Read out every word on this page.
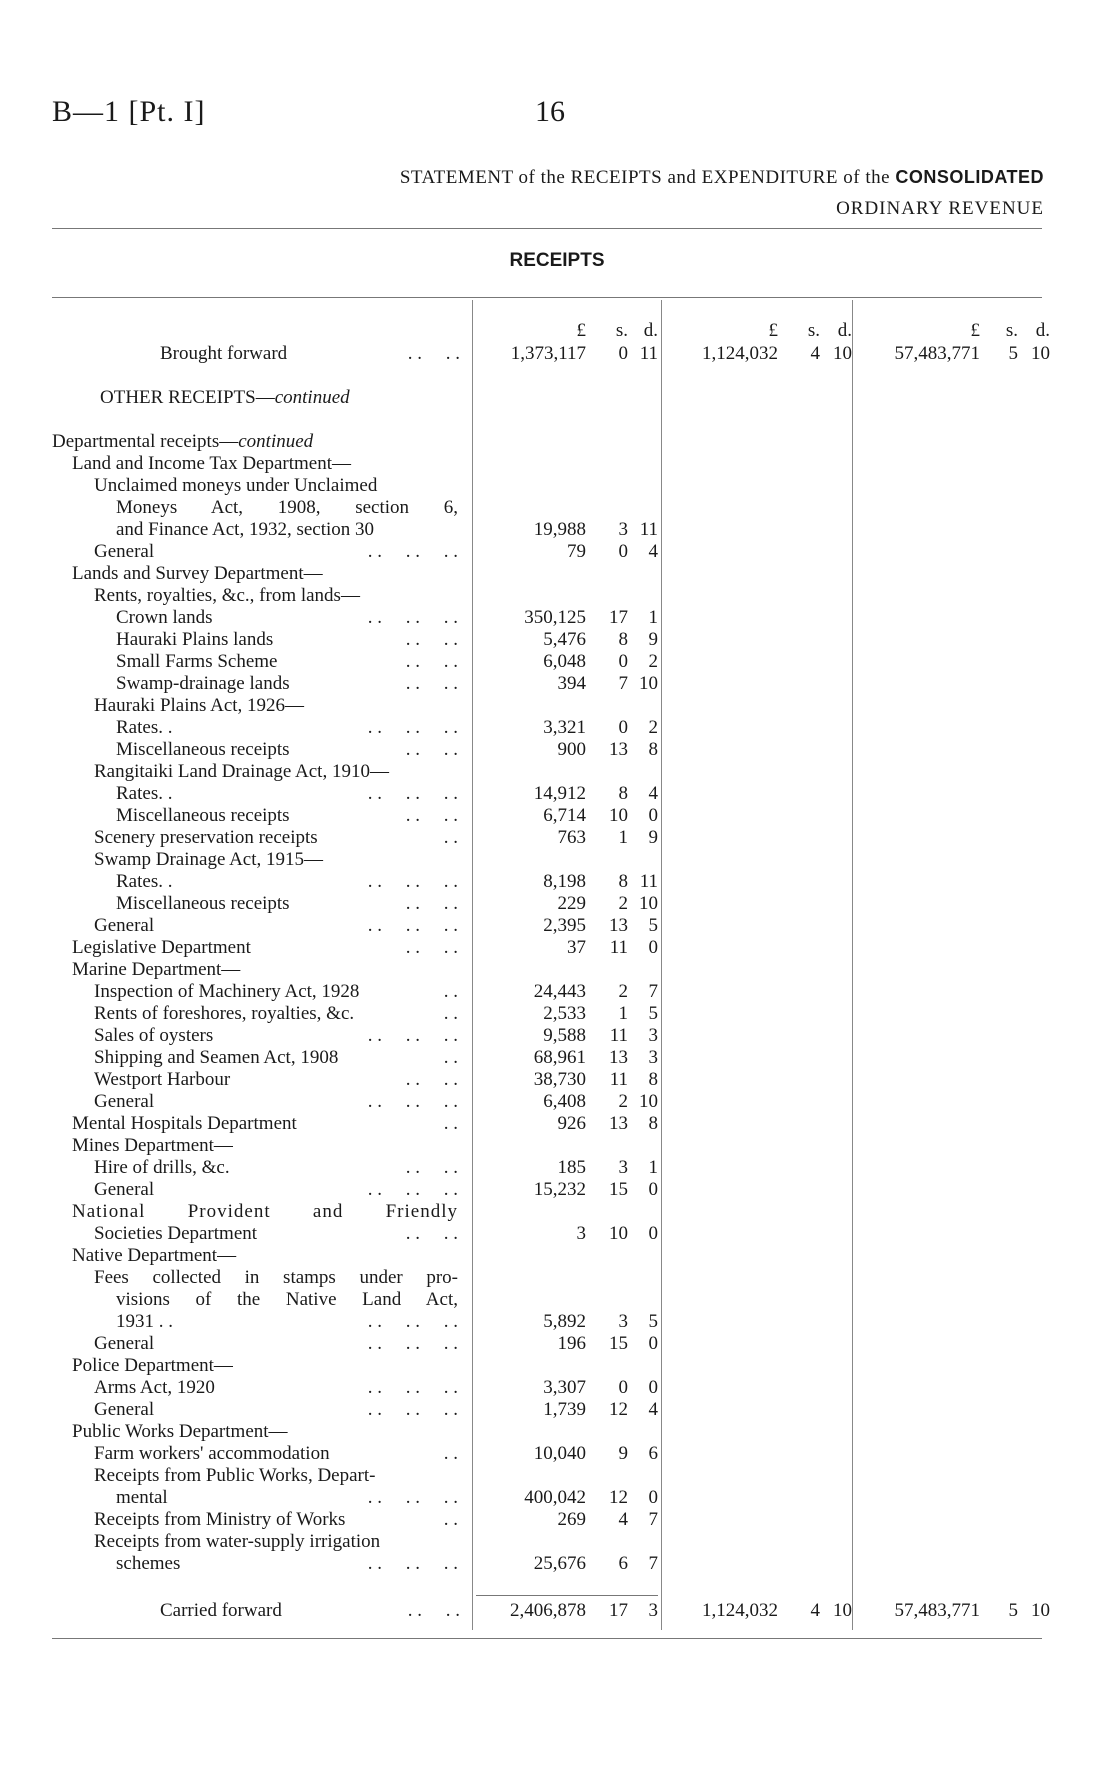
B—1 [Pt. I]	16
STATEMENT of the RECEIPTS and EXPENDITURE of the CONSOLIDATED
ORDINARY REVENUE
RECEIPTS
£	s. d.	£	s. d.	£	s. d.
Brought forward	. .     . .	1,373,117	0 11	1,124,032	4 10	57,483,771	5 10
OTHER RECEIPTS—continued
Departmental receipts—continued
Land and Income Tax Department—
Unclaimed moneys under Unclaimed
Moneys Act, 1908, section 6,
and Finance Act, 1932, section 30	19,988	3 11
General	. .     . .     . .	79	0	4
Lands and Survey Department—
Rents, royalties, &c., from lands—
Crown lands	. .     . .     . .	350,125	17	1
Hauraki Plains lands	. .     . .	5,476	8	9
Small Farms Scheme	. .     . .	6,048	0	2
Swamp-drainage lands	. .     . .	394	7 10
Hauraki Plains Act, 1926—
Rates. .	. .     . .     . .	3,321	0	2
Miscellaneous receipts	. .     . .	900	13	8
Rangitaiki Land Drainage Act, 1910—
Rates. .	. .     . .     . .	14,912	8	4
Miscellaneous receipts	. .     . .	6,714	10	0
Scenery preservation receipts	. .	763	1	9
Swamp Drainage Act, 1915—
Rates. .	. .     . .     . .	8,198	8 11
Miscellaneous receipts	. .     . .	229	2 10
General	. .     . .     . .	2,395	13	5
Legislative Department	. .     . .	37	11	0
Marine Department—
Inspection of Machinery Act, 1928	. .	24,443	2	7
Rents of foreshores, royalties, &c.	. .	2,533	1	5
Sales of oysters	. .     . .     . .	9,588	11	3
Shipping and Seamen Act, 1908	. .	68,961	13	3
Westport Harbour	. .     . .	38,730	11	8
General	. .     . .     . .	6,408	2 10
Mental Hospitals Department	. .	926	13	8
Mines Department—
Hire of drills, &c.	. .     . .	185	3	1
General	. .     . .     . .	15,232	15	0
National Provident and Friendly
Societies Department	. .     . .	3	10	0
Native Department—
Fees collected in stamps under pro-
visions of the Native Land Act,
1931 . .	. .     . .     . .	5,892	3	5
General	. .     . .     . .	196	15	0
Police Department—
Arms Act, 1920	. .     . .     . .	3,307	0	0
General	. .     . .     . .	1,739	12	4
Public Works Department—
Farm workers' accommodation	. .	10,040	9	6
Receipts from Public Works, Depart-
mental	. .     . .     . .	400,042	12	0
Receipts from Ministry of Works	. .	269	4	7
Receipts from water-supply irrigation
schemes	. .     . .     . .	25,676	6	7
Carried forward	. .     . .	2,406,878	17	3	1,124,032	4 10	57,483,771	5 10
